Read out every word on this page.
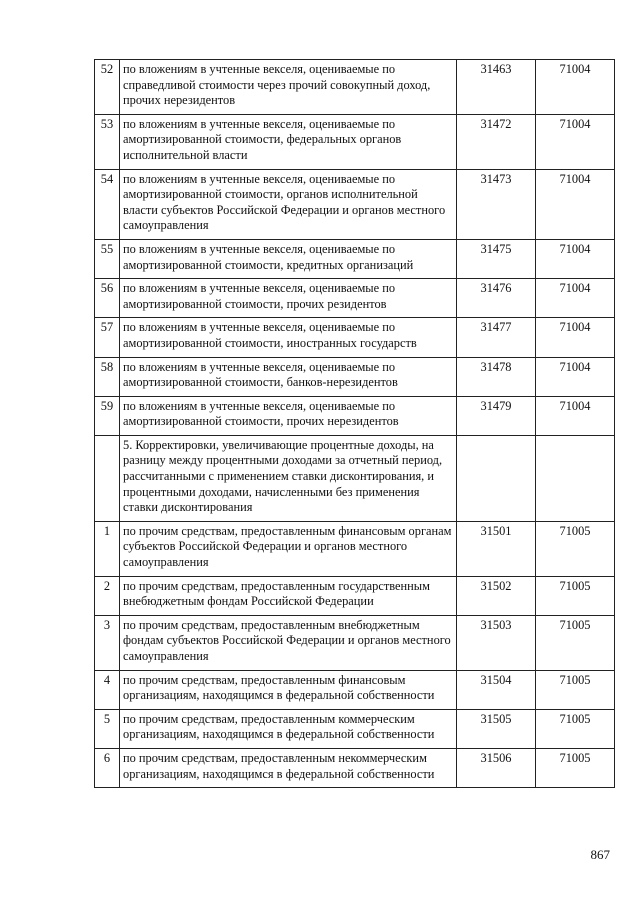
52	по вложениям в учтенные векселя, оцениваемые по справедливой стоимости через прочий совокупный доход, прочих нерезидентов	31463	71004
53	по вложениям в учтенные векселя, оцениваемые по амортизированной стоимости, федеральных органов исполнительной власти	31472	71004
54	по вложениям в учтенные векселя, оцениваемые по амортизированной стоимости, органов исполнительной власти субъектов Российской Федерации и органов местного самоуправления	31473	71004
55	по вложениям в учтенные векселя, оцениваемые по амортизированной стоимости, кредитных организаций	31475	71004
56	по вложениям в учтенные векселя, оцениваемые по амортизированной стоимости, прочих резидентов	31476	71004
57	по вложениям в учтенные векселя, оцениваемые по амортизированной стоимости, иностранных государств	31477	71004
58	по вложениям в учтенные векселя, оцениваемые по амортизированной стоимости, банков-нерезидентов	31478	71004
59	по вложениям в учтенные векселя, оцениваемые по амортизированной стоимости, прочих нерезидентов	31479	71004
	5. Корректировки, увеличивающие процентные доходы, на разницу между процентными доходами за отчетный период, рассчитанными с применением ставки дисконтирования, и процентными доходами, начисленными без применения ставки дисконтирования		
1	по прочим средствам, предоставленным финансовым органам субъектов Российской Федерации и органов местного самоуправления	31501	71005
2	по прочим средствам, предоставленным государственным внебюджетным фондам Российской Федерации	31502	71005
3	по прочим средствам, предоставленным внебюджетным фондам субъектов Российской Федерации и органов местного самоуправления	31503	71005
4	по прочим средствам, предоставленным финансовым организациям, находящимся в федеральной собственности	31504	71005
5	по прочим средствам, предоставленным коммерческим организациям, находящимся в федеральной собственности	31505	71005
6	по прочим средствам, предоставленным некоммерческим организациям, находящимся в федеральной собственности	31506	71005
867
